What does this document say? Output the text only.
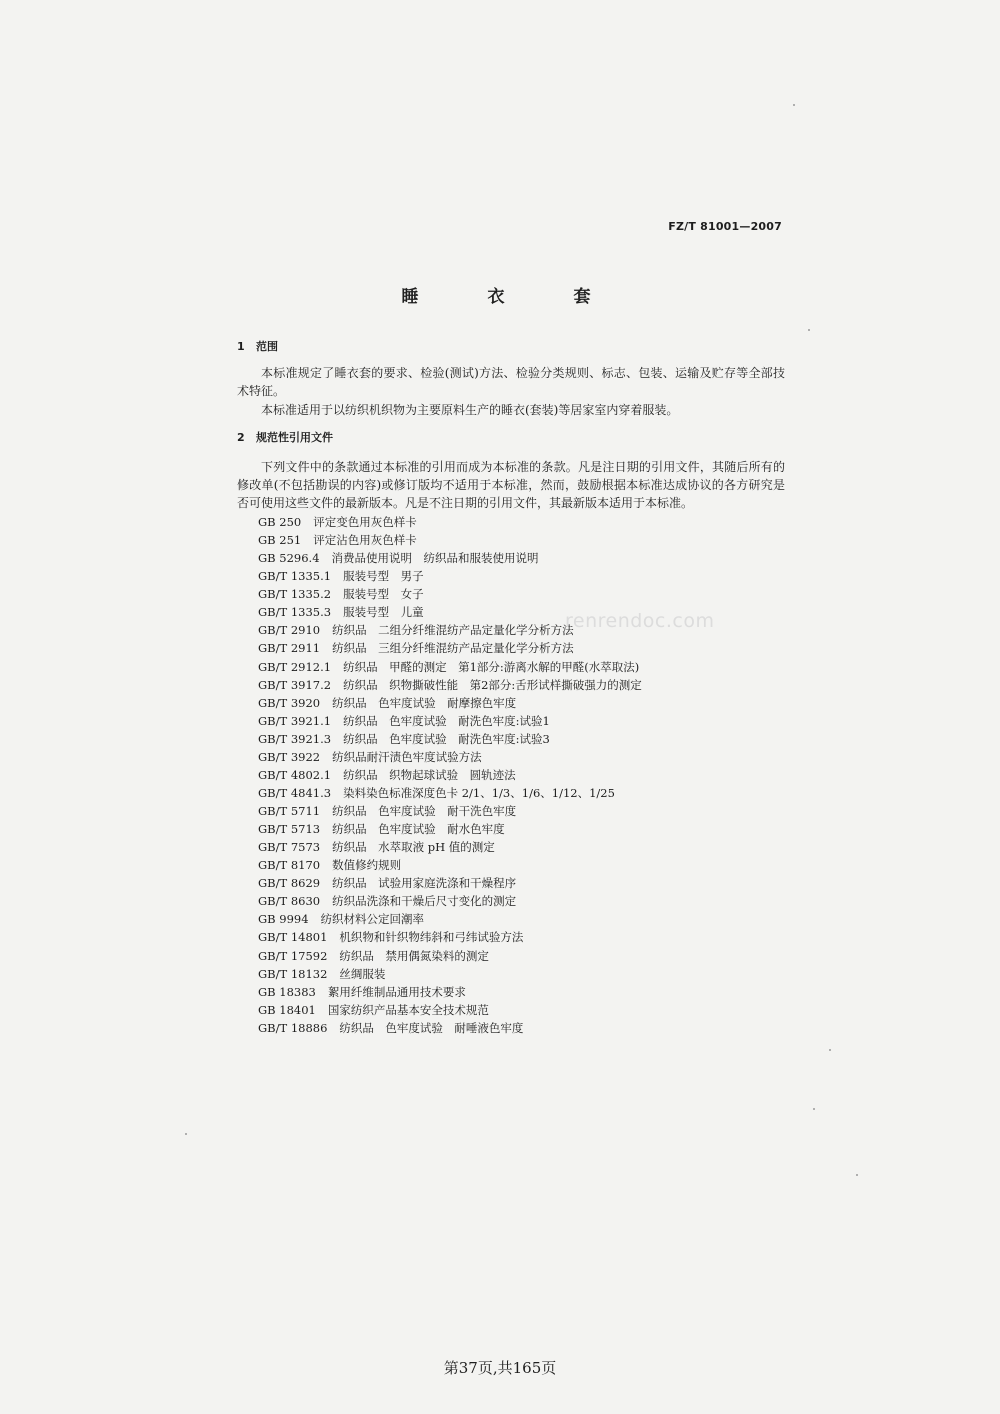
FZ/T 81001—2007
睡　衣　套
1 范围

本标准规定了睡衣套的要求、检验(测试)方法、检验分类规则、标志、包装、运输及贮存等全部技术特征。

本标准适用于以纺织机织物为主要原料生产的睡衣(套装)等居家室内穿着服装。

2 规范性引用文件

下列文件中的条款通过本标准的引用而成为本标准的条款。凡是注日期的引用文件，其随后所有的修改单(不包括勘误的内容)或修订版均不适用于本标准，然而，鼓励根据本标准达成协议的各方研究是否可使用这些文件的最新版本。凡是不注日期的引用文件，其最新版本适用于本标准。

GB 250 评定变色用灰色样卡
GB 251 评定沾色用灰色样卡
GB 5296.4 消费品使用说明　纺织品和服装使用说明
GB/T 1335.1 服装号型　男子
GB/T 1335.2 服装号型　女子
GB/T 1335.3 服装号型　儿童
GB/T 2910 纺织品　二组分纤维混纺产品定量化学分析方法
GB/T 2911 纺织品　三组分纤维混纺产品定量化学分析方法
GB/T 2912.1 纺织品　甲醛的测定　第1部分:游离水解的甲醛(水萃取法)
GB/T 3917.2 纺织品　织物撕破性能　第2部分:舌形试样撕破强力的测定
GB/T 3920 纺织品　色牢度试验　耐摩擦色牢度
GB/T 3921.1 纺织品　色牢度试验　耐洗色牢度:试验1
GB/T 3921.3 纺织品　色牢度试验　耐洗色牢度:试验3
GB/T 3922 纺织品耐汗渍色牢度试验方法
GB/T 4802.1 纺织品　织物起球试验　圆轨迹法
GB/T 4841.3 染料染色标准深度色卡 2/1、1/3、1/6、1/12、1/25
GB/T 5711 纺织品　色牢度试验　耐干洗色牢度
GB/T 5713 纺织品　色牢度试验　耐水色牢度
GB/T 7573 纺织品　水萃取液 pH 值的测定
GB/T 8170 数值修约规则
GB/T 8629 纺织品　试验用家庭洗涤和干燥程序
GB/T 8630 纺织品洗涤和干燥后尺寸变化的测定
GB 9994 纺织材料公定回潮率
GB/T 14801 机织物和针织物纬斜和弓纬试验方法
GB/T 17592 纺织品　禁用偶氮染料的测定
GB/T 18132 丝绸服装
GB 18383 絮用纤维制品通用技术要求
GB 18401 国家纺织产品基本安全技术规范
GB/T 18886 纺织品　色牢度试验　耐唾液色牢度
renrendoc.com
第37页,共165页
